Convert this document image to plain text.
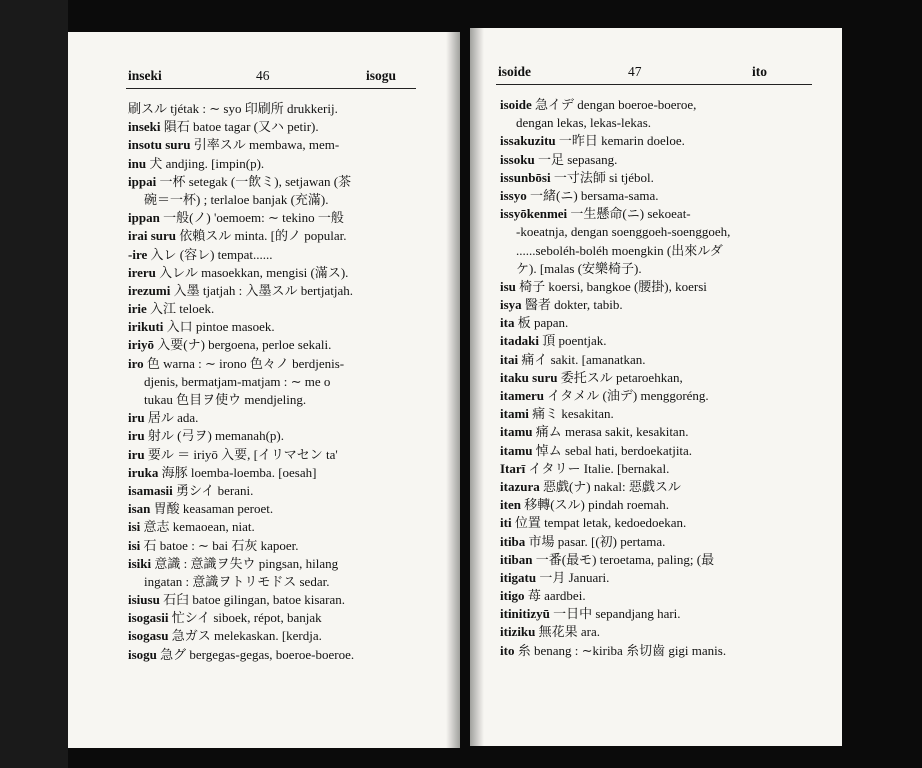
inseki	46	isogu
刷スル tjétak : ∼ syo 印刷所 drukkerij.
inseki 隕石 batoe tagar (又ハ petir).
insotu suru 引率スル membawa, mem-
inu 犬 andjing. [impin(p).
ippai 一杯 setegak (一飲ミ), setjawan (茶
碗＝一杯) ; terlaloe banjak (充滿).
ippan 一般(ノ) 'oemoem: ∼ tekino 一般
irai suru 依賴スル minta. [的ノ popular.
-ire 入レ (容レ) tempat......
ireru 入レル masoekkan, mengisi (滿ス).
irezumi 入墨 tjatjah : 入墨スル bertjatjah.
irie 入江 teloek.
irikuti 入口 pintoe masoek.
iriyō 入要(ナ) bergoena, perloe sekali.
iro 色 warna : ∼ irono 色々ノ berdjenis-
djenis, bermatjam-matjam : ∼ me o
tukau 色目ヲ使ウ mendjeling.
iru 居ル ada.
iru 射ル (弓ヲ) memanah(p).
iru 要ル ＝ iriyō 入要, [イリマセン ta'
iruka 海豚 loemba-loemba. [oesah]
isamasii 勇シイ berani.
isan 胃酸 keasaman peroet.
isi 意志 kemaoean, niat.
isi 石 batoe : ∼ bai 石灰 kapoer.
isiki 意識 : 意識ヲ失ウ pingsan, hilang
ingatan : 意識ヲトリモドス sedar.
isiusu 石臼 batoe gilingan, batoe kisaran.
isogasii 忙シイ siboek, répot, banjak
isogasu 急ガス melekaskan. [kerdja.
isogu 急グ bergegas-gegas, boeroe-boeroe.
isoide	47	ito
isoide 急イデ dengan boeroe-boeroe,
dengan lekas, lekas-lekas.
issakuzitu 一昨日 kemarin doeloe.
issoku 一足 sepasang.
issunbōsi 一寸法師 si tjébol.
issyo 一緒(ニ) bersama-sama.
issyōkenmei 一生懸命(ニ) sekoeat-
-koeatnja, dengan soenggoeh-soenggoeh,
......seboléh-boléh moengkin (出來ルダ
ケ). [malas (安樂椅子).
isu 椅子 koersi, bangkoe (腰掛), koersi
isya 醫者 dokter, tabib.
ita 板 papan.
itadaki 頂 poentjak.
itai 痛イ sakit. [amanatkan.
itaku suru 委托スル petaroehkan,
itameru イタメル (油デ) menggoréng.
itami 痛ミ kesakitan.
itamu 痛ム merasa sakit, kesakitan.
itamu 悼ム sebal hati, berdoekatjita.
Itarī イタリー Italie. [bernakal.
itazura 惡戯(ナ) nakal: 惡戯スル
iten 移轉(スル) pindah roemah.
iti 位置 tempat letak, kedoedoekan.
itiba 市場 pasar. [(初) pertama.
itiban 一番(最モ) teroetama, paling; (最
itigatu 一月 Januari.
itigo 苺 aardbei.
itinitizyū 一日中 sepandjang hari.
itiziku 無花果 ara.
ito 糸 benang : ∼kiriba 糸切齒 gigi manis.
